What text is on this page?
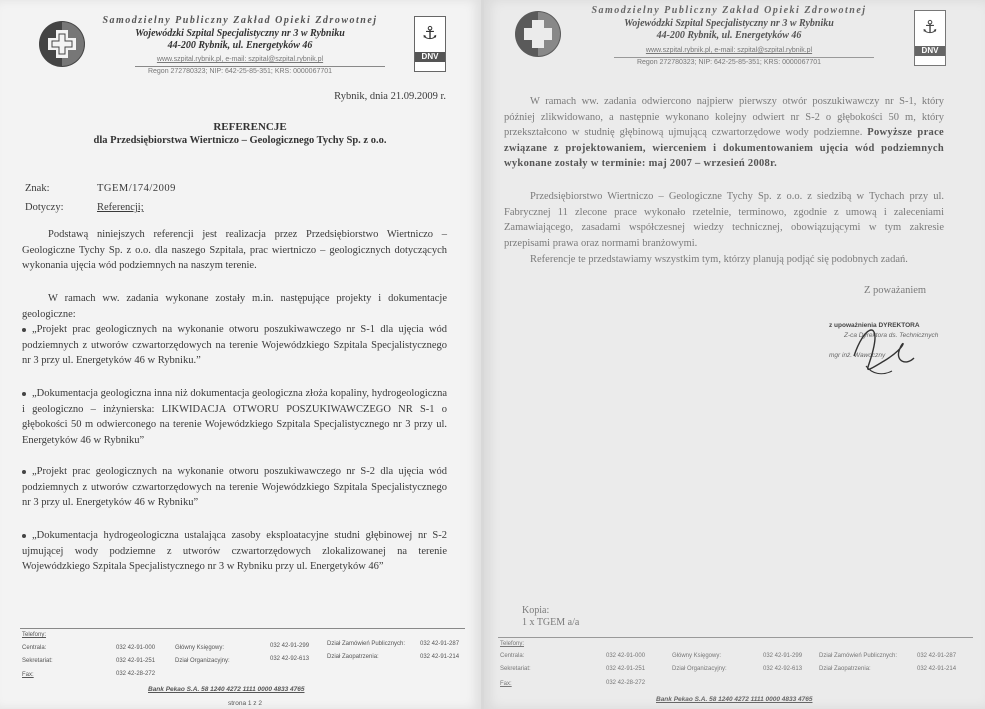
Samodzielny Publiczny Zakład Opieki Zdrowotnej
Wojewódzki Szpital Specjalistyczny nr 3 w Rybniku
44-200 Rybnik, ul. Energetyków 46
www.szpital.rybnik.pl, e-mail: szpital@szpital.rybnik.pl
Regon 272780323; NIP: 642-25-85-351; KRS: 0000067701
⚓
DNV
Rybnik, dnia 21.09.2009 r.
REFERENCJE
dla Przedsiębiorstwa Wiertniczo – Geologicznego Tychy Sp. z o.o.
Znak:	TGEM/174/2009
Dotyczy:	Referencji;
Podstawą niniejszych referencji jest realizacja przez Przedsiębiorstwo Wiertniczo – Geologiczne Tychy Sp. z o.o. dla naszego Szpitala, prac wiertniczo – geologicznych dotyczących wykonania ujęcia wód podziemnych na naszym terenie.
W ramach ww. zadania wykonane zostały m.in. następujące projekty i dokumentacje geologiczne:
„Projekt prac geologicznych na wykonanie otworu poszukiwawczego nr S-1 dla ujęcia wód podziemnych z utworów czwartorzędowych na terenie Wojewódzkiego Szpitala Specjalistycznego nr 3 przy ul. Energetyków 46 w Rybniku.”
„Dokumentacja geologiczna inna niż dokumentacja geologiczna złoża kopaliny, hydrogeologiczna i geologiczno – inżynierska: LIKWIDACJA OTWORU POSZUKIWAWCZEGO NR S-1 o głębokości 50 m odwierconego na terenie Wojewódzkiego Szpitala Specjalistycznego nr 3 przy ul. Energetyków 46 w Rybniku”
„Projekt prac geologicznych na wykonanie otworu poszukiwawczego nr S-2 dla ujęcia wód podziemnych z utworów czwartorzędowych na terenie Wojewódzkiego Szpitala Specjalistycznego nr 3 przy ul. Energetyków 46 w Rybniku”
„Dokumentacja hydrogeologiczna ustalająca zasoby eksploatacyjne studni głębinowej nr S-2 ujmującej wody podziemne z utworów czwartorzędowych zlokalizowanej na terenie Wojewódzkiego Szpitala Specjalistycznego nr 3 w Rybniku przy ul. Energetyków 46”
Telefony:
Centrala:	032 42-91-000	Główny Księgowy:	032 42-91-299	Dział Zamówień Publicznych: 032 42-91-287
Sekretariat:	032 42-91-251	Dział Organizacyjny:	032 42-92-613	Dział Zaopatrzenia:	032 42-91-214
Fax:	032 42-28-272
Bank Pekao S.A. 58 1240 4272 1111 0000 4833 4765
strona 1 z 2
Samodzielny Publiczny Zakład Opieki Zdrowotnej
Wojewódzki Szpital Specjalistyczny nr 3 w Rybniku
44-200 Rybnik, ul. Energetyków 46
www.szpital.rybnik.pl, e-mail: szpital@szpital.rybnik.pl
Regon 272780323; NIP: 642-25-85-351; KRS: 0000067701
⚓
DNV
W ramach ww. zadania odwiercono najpierw pierwszy otwór poszukiwawczy nr S-1, który później zlikwidowano, a następnie wykonano kolejny odwiert nr S-2 o głębokości 50 m, który przekształcono w studnię głębinową ujmującą czwartorzędowe wody podziemne. Powyższe prace związane z projektowaniem, wierceniem i dokumentowaniem ujęcia wód podziemnych wykonane zostały w terminie: maj 2007 – wrzesień 2008r.
Przedsiębiorstwo Wiertniczo – Geologiczne Tychy Sp. z o.o. z siedzibą w Tychach przy ul. Fabrycznej 11 zlecone prace wykonało rzetelnie, terminowo, zgodnie z umową i zaleceniami Zamawiającego, zasadami współczesnej wiedzy technicznej, obowiązującymi w tym zakresie przepisami prawa oraz normami branżowymi.
Referencje te przedstawiamy wszystkim tym, którzy planują podjąć się podobnych zadań.
Z poważaniem
z upoważnienia DYREKTORA
Z-ca Dyrektora ds. Technicznych
mgr inż. Wawoczny
Kopia:
1 x TGEM a/a
Telefony:
Centrala:	032 42-91-000	Główny Księgowy:	032 42-91-299	Dział Zamówień Publicznych:	032 42-91-287
Sekretariat:	032 42-91-251	Dział Organizacyjny:	032 42-92-613	Dział Zaopatrzenia:	032 42-91-214
Fax:	032 42-28-272
Bank Pekao S.A. 58 1240 4272 1111 0000 4833 4765
